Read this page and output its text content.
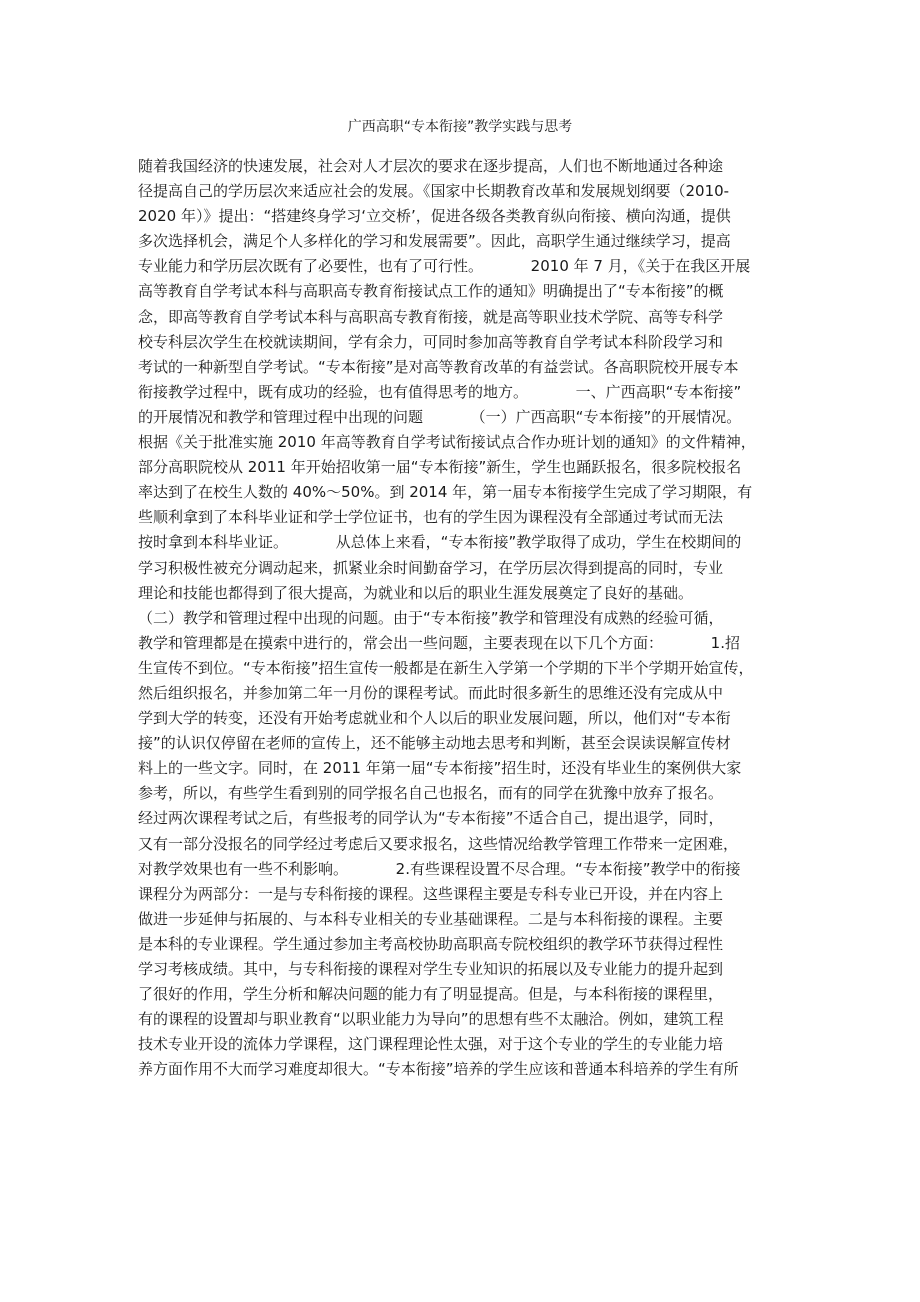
广西高职“专本衔接”教学实践与思考
随着我国经济的快速发展，社会对人才层次的要求在逐步提高，人们也不断地通过各种途
径提高自己的学历层次来适应社会的发展。《国家中长期教育改革和发展规划纲要（2010-
2020 年）》提出：“搭建终身学习‘立交桥’，促进各级各类教育纵向衔接、横向沟通，提供
多次选择机会，满足个人多样化的学习和发展需要”。因此，高职学生通过继续学习，提高
专业能力和学历层次既有了必要性，也有了可行性。          2010 年 7 月，《关于在我区开展
高等教育自学考试本科与高职高专教育衔接试点工作的通知》明确提出了“专本衔接”的概
念，即高等教育自学考试本科与高职高专教育衔接，就是高等职业技术学院、高等专科学
校专科层次学生在校就读期间，学有余力，可同时参加高等教育自学考试本科阶段学习和
考试的一种新型自学考试。“专本衔接”是对高等教育改革的有益尝试。各高职院校开展专本
衔接教学过程中，既有成功的经验，也有值得思考的地方。          一、广西高职“专本衔接”
的开展情况和教学和管理过程中出现的问题          （一）广西高职“专本衔接”的开展情况。
根据《关于批准实施 2010 年高等教育自学考试衔接试点合作办班计划的通知》的文件精神，
部分高职院校从 2011 年开始招收第一届“专本衔接”新生，学生也踊跃报名，很多院校报名
率达到了在校生人数的 40%～50%。到 2014 年，第一届专本衔接学生完成了学习期限，有
些顺利拿到了本科毕业证和学士学位证书，也有的学生因为课程没有全部通过考试而无法
按时拿到本科毕业证。          从总体上来看，“专本衔接”教学取得了成功，学生在校期间的
学习积极性被充分调动起来，抓紧业余时间勤奋学习，在学历层次得到提高的同时，专业
理论和技能也都得到了很大提高，为就业和以后的职业生涯发展奠定了良好的基础。
（二）教学和管理过程中出现的问题。由于“专本衔接”教学和管理没有成熟的经验可循，
教学和管理都是在摸索中进行的，常会出一些问题，主要表现在以下几个方面：          1.招
生宣传不到位。“专本衔接”招生宣传一般都是在新生入学第一个学期的下半个学期开始宣传，
然后组织报名，并参加第二年一月份的课程考试。而此时很多新生的思维还没有完成从中
学到大学的转变，还没有开始考虑就业和个人以后的职业发展问题，所以，他们对“专本衔
接”的认识仅停留在老师的宣传上，还不能够主动地去思考和判断，甚至会误读误解宣传材
料上的一些文字。同时，在 2011 年第一届“专本衔接”招生时，还没有毕业生的案例供大家
参考，所以，有些学生看到别的同学报名自己也报名，而有的同学在犹豫中放弃了报名。
经过两次课程考试之后，有些报考的同学认为“专本衔接”不适合自己，提出退学，同时，
又有一部分没报名的同学经过考虑后又要求报名，这些情况给教学管理工作带来一定困难，
对教学效果也有一些不利影响。          2.有些课程设置不尽合理。“专本衔接”教学中的衔接
课程分为两部分：一是与专科衔接的课程。这些课程主要是专科专业已开设，并在内容上
做进一步延伸与拓展的、与本科专业相关的专业基础课程。二是与本科衔接的课程。主要
是本科的专业课程。学生通过参加主考高校协助高职高专院校组织的教学环节获得过程性
学习考核成绩。其中，与专科衔接的课程对学生专业知识的拓展以及专业能力的提升起到
了很好的作用，学生分析和解决问题的能力有了明显提高。但是，与本科衔接的课程里，
有的课程的设置却与职业教育“以职业能力为导向”的思想有些不太融洽。例如，建筑工程
技术专业开设的流体力学课程，这门课程理论性太强，对于这个专业的学生的专业能力培
养方面作用不大而学习难度却很大。“专本衔接”培养的学生应该和普通本科培养的学生有所
